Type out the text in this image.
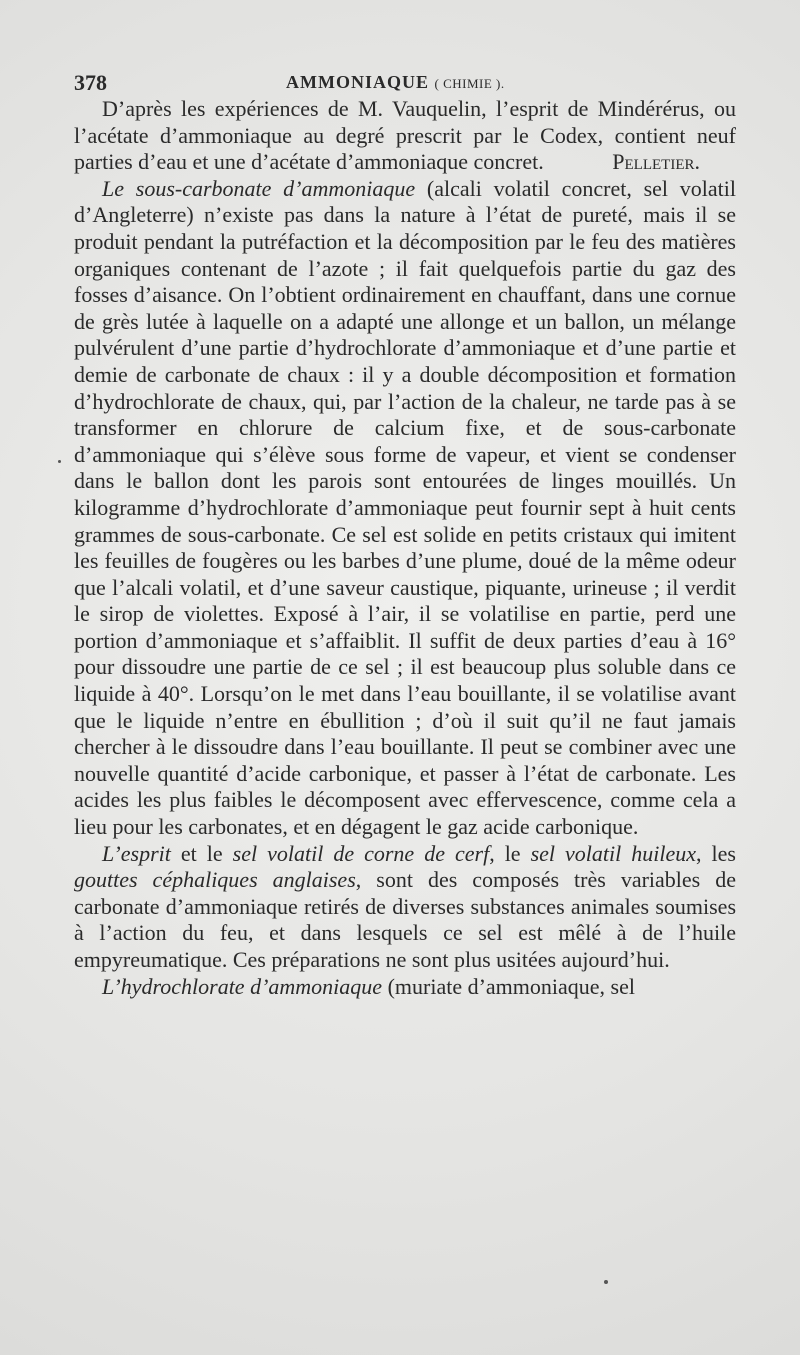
378	AMMONIAQUE ( CHIMIE ).

D’après les expériences de M. Vauquelin, l’esprit de Mindérérus, ou l’acétate d’ammoniaque au degré prescrit par le Codex, contient neuf parties d’eau et une d’acétate d’ammoniaque concret.	Pelletier.

Le sous-carbonate d’ammoniaque (alcali volatil concret, sel volatil d’Angleterre) n’existe pas dans la nature à l’état de pureté, mais il se produit pendant la putréfaction et la décomposition par le feu des matières organiques contenant de l’azote ; il fait quelquefois partie du gaz des fosses d’aisance. On l’obtient ordinairement en chauffant, dans une cornue de grès lutée à laquelle on a adapté une allonge et un ballon, un mélange pulvérulent d’une partie d’hydrochlorate d’ammoniaque et d’une partie et demie de carbonate de chaux : il y a double décomposition et formation d’hydrochlorate de chaux, qui, par l’action de la chaleur, ne tarde pas à se transformer en chlorure de calcium fixe, et de sous-carbonate d’ammoniaque qui s’élève sous forme de vapeur, et vient se condenser dans le ballon dont les parois sont entourées de linges mouillés. Un kilogramme d’hydrochlorate d’ammoniaque peut fournir sept à huit cents grammes de sous-carbonate. Ce sel est solide en petits cristaux qui imitent les feuilles de fougères ou les barbes d’une plume, doué de la même odeur que l’alcali volatil, et d’une saveur caustique, piquante, urineuse ; il verdit le sirop de violettes. Exposé à l’air, il se volatilise en partie, perd une portion d’ammoniaque et s’affaiblit. Il suffit de deux parties d’eau à 16° pour dissoudre une partie de ce sel ; il est beaucoup plus soluble dans ce liquide à 40°. Lorsqu’on le met dans l’eau bouillante, il se volatilise avant que le liquide n’entre en ébullition ; d’où il suit qu’il ne faut jamais chercher à le dissoudre dans l’eau bouillante. Il peut se combiner avec une nouvelle quantité d’acide carbonique, et passer à l’état de carbonate. Les acides les plus faibles le décomposent avec effervescence, comme cela a lieu pour les carbonates, et en dégagent le gaz acide carbonique.

L’esprit et le sel volatil de corne de cerf, le sel volatil huileux, les gouttes céphaliques anglaises, sont des composés très variables de carbonate d’ammoniaque retirés de diverses substances animales soumises à l’action du feu, et dans lesquels ce sel est mêlé à de l’huile empyreumatique. Ces préparations ne sont plus usitées aujourd’hui.

L’hydrochlorate d’ammoniaque (muriate d’ammoniaque, sel
